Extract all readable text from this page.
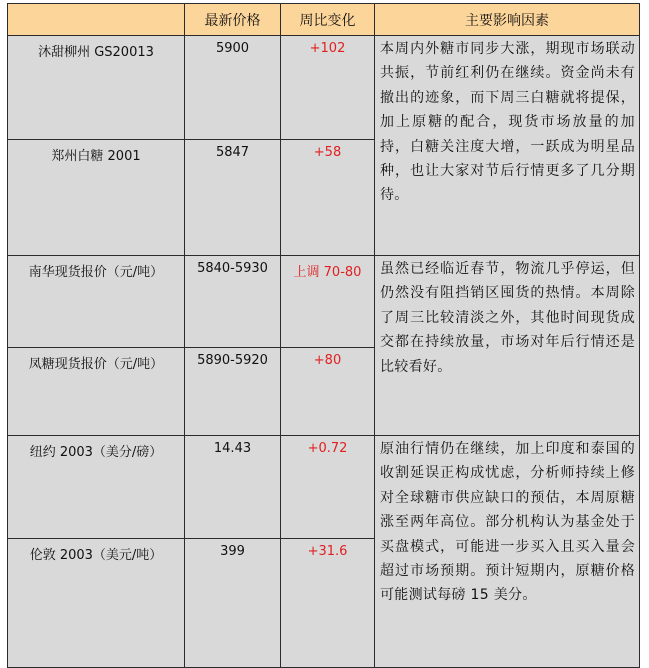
	最新价格	周比变化	主要影响因素
沐甜柳州 GS20013	5900	+102	本周内外糖市同步大涨，期现市场联动共振，节前红利仍在继续。资金尚未有撤出的迹象，而下周三白糖就将提保，加上原糖的配合，现货市场放量的加持，白糖关注度大增，一跃成为明星品种，也让大家对节后行情更多了几分期待。
郑州白糖 2001	5847	+58	
南华现货报价（元/吨）	5840-5930	上调 70-80	虽然已经临近春节，物流几乎停运，但仍然没有阻挡销区囤货的热情。本周除了周三比较清淡之外，其他时间现货成交都在持续放量，市场对年后行情还是比较看好。
凤糖现货报价（元/吨）	5890-5920	+80	
纽约 2003（美分/磅）	14.43	+0.72	原油行情仍在继续，加上印度和泰国的收割延误正构成忧虑，分析师持续上修对全球糖市供应缺口的预估，本周原糖涨至两年高位。部分机构认为基金处于买盘模式，可能进一步买入且买入量会超过市场预期。预计短期内，原糖价格可能测试每磅 15 美分。
伦敦 2003（美元/吨）	399	+31.6	
